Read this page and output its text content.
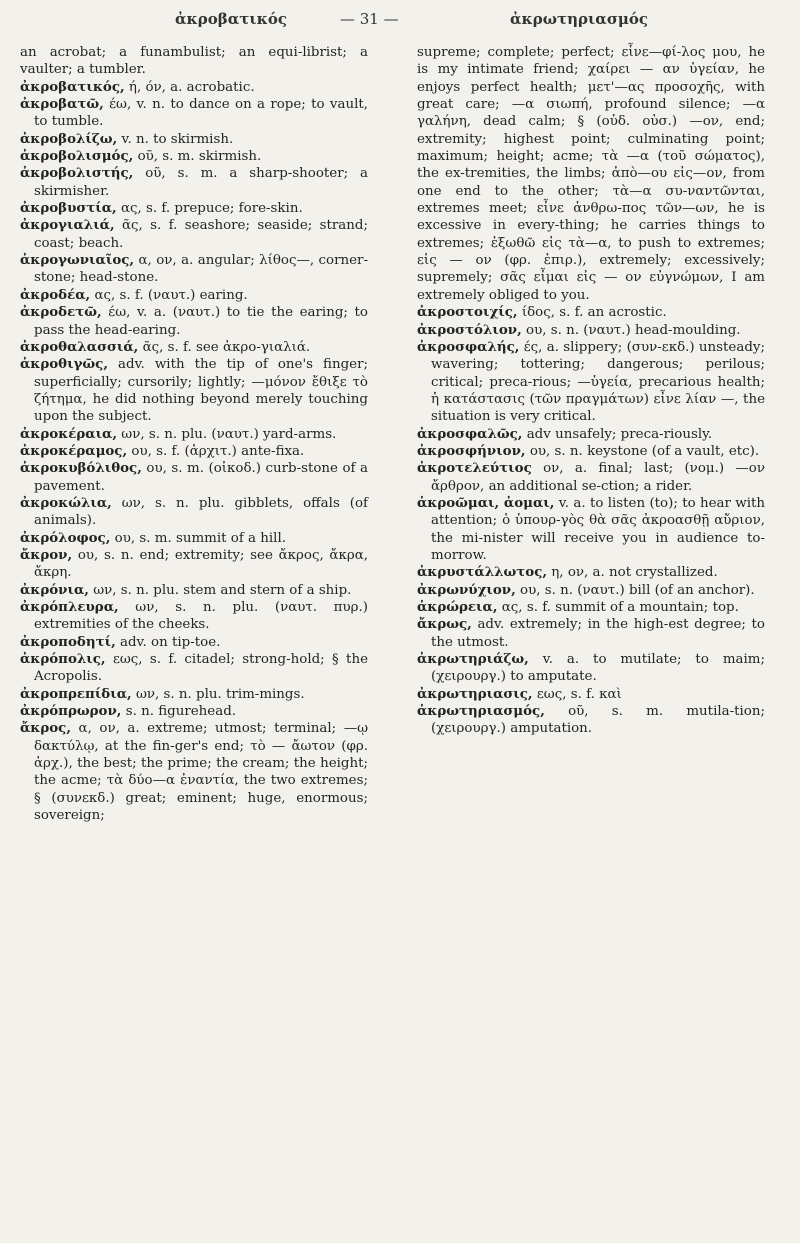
ἀκροβατικός	— 31 —	ἀκρωτηριασμός

an acrobat; a funambulist; an equi-librist; a vaulter; a tumbler.

ἀκροβατικός, ή, όν, a. acrobatic.

ἀκροβατῶ, έω, v. n. to dance on a rope; to vault, to tumble.

ἀκροβολίζω, v. n. to skirmish.

ἀκροβολισμός, οῦ, s. m. skirmish.

ἀκροβολιστής, οῦ, s. m. a sharp-shooter; a skirmisher.

ἀκροβυστία, ας, s. f. prepuce; fore-skin.

ἀκρογιαλιά, ᾶς, s. f. seashore; seaside; strand; coast; beach.

ἀκρογωνιαῖος, α, ον, a. angular; λίθος—, corner-stone; head-stone.

ἀκροδέα, ας, s. f. (ναυτ.) earing.

ἀκροδετῶ, έω, v. a. (ναυτ.) to tie the earing; to pass the head-earing.

ἀκροθαλασσιά, ᾶς, s. f. see ἀκρο-γιαλιά.

ἀκροθιγῶς, adv. with the tip of one's finger; superficially; cursorily; lightly; —μόνον ἔθιξε τὸ ζήτημα, he did nothing beyond merely touching upon the subject.

ἀκροκέραια, ων, s. n. plu. (ναυτ.) yard-arms.

ἀκροκέραμος, ου, s. f. (ἀρχιτ.) ante-fixa.

ἀκροκυβόλιθος, ου, s. m. (οἰκοδ.) curb-stone of a pavement.

ἀκροκώλια, ων, s. n. plu. gibblets, offals (of animals).

ἀκρόλοφος, ου, s. m. summit of a hill.

ἄκρον, ου, s. n. end; extremity; see ἄκρος, ἄκρα, ἄκρη.

ἀκρόνια, ων, s. n. plu. stem and stern of a ship.

ἀκρόπλευρα, ων, s. n. plu. (ναυτ. πυρ.) extremities of the cheeks.

ἀκροποδητί, adv. on tip-toe.

ἀκρόπολις, εως, s. f. citadel; strong-hold; § the Acropolis.

ἀκροπρεπίδια, ων, s. n. plu. trim-mings.

ἀκρόπρωρον, s. n. figurehead.

ἄκρος, α, ον, a. extreme; utmost; terminal; —ῳ δακτύλῳ, at the fin-ger's end; τὸ — ἄωτον (φρ. ἀρχ.), the best; the prime; the cream; the height; the acme; τὰ δύο—α ἐναντία, the two extremes; § (συνεκδ.) great; eminent; huge, enormous; sovereign;

supreme; complete; perfect; εἶνε—φί-λος μου, he is my intimate friend; χαίρει — αν ὑγείαν, he enjoys perfect health; μετ'—ας προσοχῆς, with great care; —α σιωπή, profound silence; —α γαλήνη, dead calm; § (οὐδ. οὐσ.) —ον, end; extremity; highest point; culminating point; maximum; height; acme; τὰ —α (τοῦ σώματος), the ex-tremities, the limbs; ἀπὸ—ου εἰς—ον, from one end to the other; τὰ—α συ-ναντῶνται, extremes meet; εἶνε ἀνθρω-πος τῶν—ων, he is excessive in every-thing; he carries things to extremes; ἐξωθῶ εἰς τὰ—α, to push to extremes; εἰς — ον (φρ. ἐπιρ.), extremely; excessively; supremely; σᾶς εἶμαι εἰς — ον εὐγνώμων, I am extremely obliged to you.

ἀκροστοιχίς, ίδος, s. f. an acrostic.

ἀκροστόλιον, ου, s. n. (ναυτ.) head-moulding.

ἀκροσφαλής, ές, a. slippery; (συν-εκδ.) unsteady; wavering; tottering; dangerous; perilous; critical; preca-rious; —ὑγεία, precarious health; ἡ κατάστασις (τῶν πραγμάτων) εἶνε λίαν —, the situation is very critical.

ἀκροσφαλῶς, adv unsafely; preca-riously.

ἀκροσφήνιον, ου, s. n. keystone (of a vault, etc).

ἀκροτελεύτιος ον, a. final; last; (νομ.) —ον ἄρθρον, an additional se-ction; a rider.

ἀκροῶμαι, ἀομαι, v. a. to listen (to); to hear with attention; ὁ ὑπουρ-γὸς θὰ σᾶς ἀκροασθῇ αὔριον, the mi-nister will receive you in audience to-morrow.

ἀκρυστάλλωτος, η, ον, a. not crystallized.

ἀκρωνύχιον, ου, s. n. (ναυτ.) bill (of an anchor).

ἀκρώρεια, ας, s. f. summit of a mountain; top.

ἄκρως, adv. extremely; in the high-est degree; to the utmost.

ἀκρωτηριάζω, v. a. to mutilate; to maim; (χειρουργ.) to amputate.

ἀκρωτηριασις, εως, s. f. καὶ

ἀκρωτηριασμός, οῦ, s. m. mutila-tion; (χειρουργ.) amputation.
